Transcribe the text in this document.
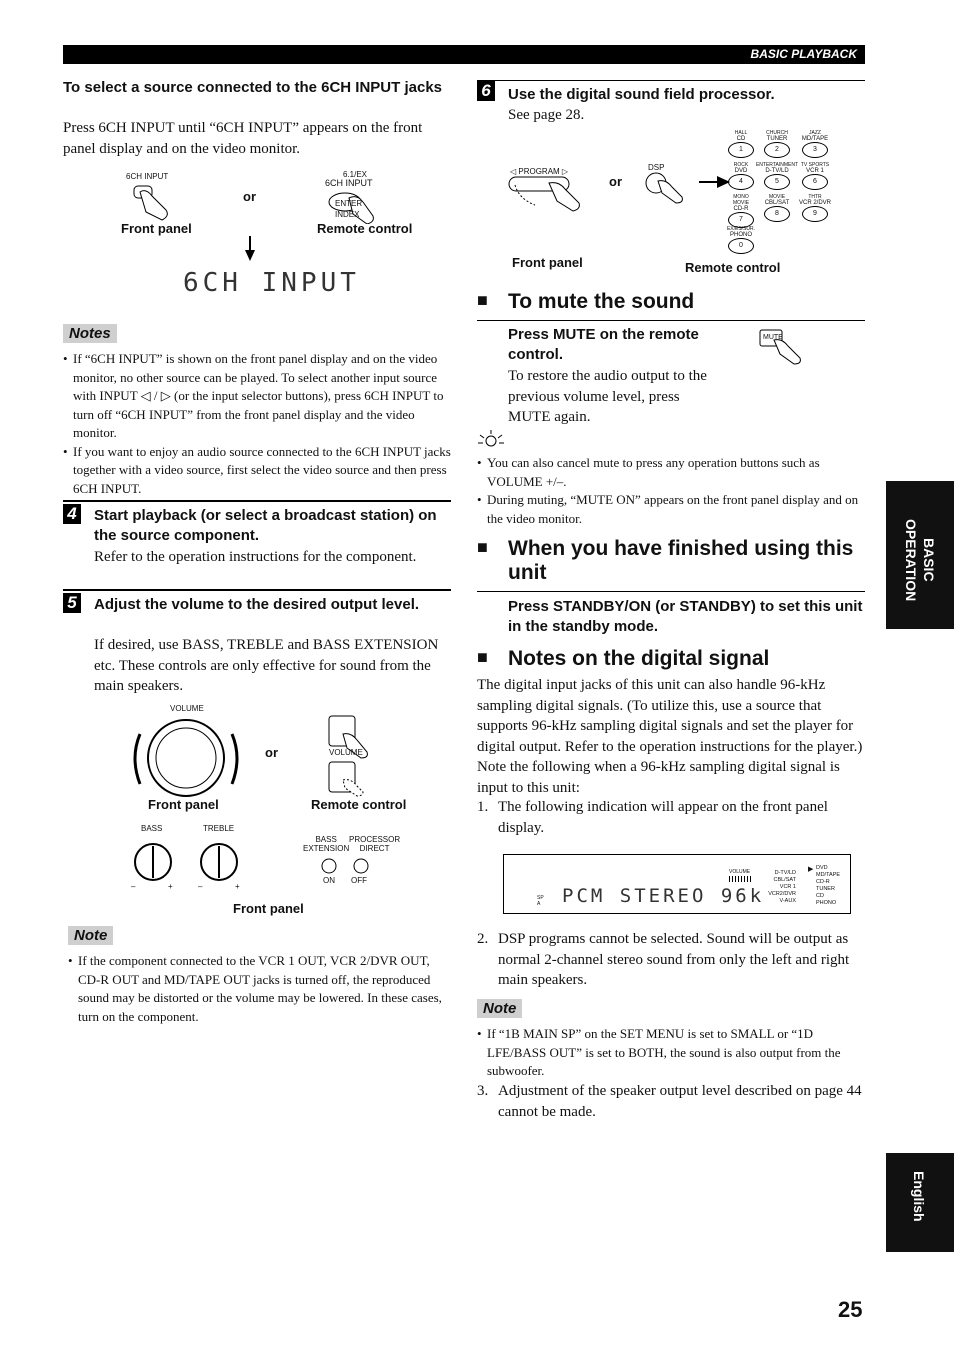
BASIC PLAYBACK
To select a source connected to the 6CH INPUT jacks
Press 6CH INPUT until “6CH INPUT” appears on the front panel display and on the video monitor.
6CH INPUT
or
6.1/EX
6CH INPUT
ENTER
INDEX
Front panel	Remote control
6CH INPUT
Notes
• If “6CH INPUT” is shown on the front panel display and on the video monitor, no other source can be played. To select another input source with INPUT ◁ / ▷ (or the input selector buttons), press 6CH INPUT to turn off “6CH INPUT” from the front panel display and the video monitor.
• If you want to enjoy an audio source connected to the 6CH INPUT jacks together with a video source, first select the video source and then press 6CH INPUT.
4 Start playback (or select a broadcast station) on the source component.
Refer to the operation instructions for the component.
5 Adjust the volume to the desired output level.
If desired, use BASS, TREBLE and BASS EXTENSION etc. These controls are only effective for sound from the main speakers.
VOLUME
or	VOLUME
Front panel	Remote control
BASS	TREBLE
–	+	–	+
BASS
EXTENSION
PROCESSOR
DIRECT
ON OFF
Front panel
Note
• If the component connected to the VCR 1 OUT, VCR 2/DVR OUT, CD-R OUT and MD/TAPE OUT jacks is turned off, the reproduced sound may be distorted or the volume may be lowered. In these cases, turn on the component.
6 Use the digital sound field processor.
See page 28.
◁ PROGRAM ▷
or
DSP
HALL
CD
1
CHURCH
TUNER
2
JAZZ
MD/TAPE
3
ROCK
DVD
4
ENTERTAINMENT
D-TV/LD
5
TV SPORTS
VCR 1
6
MONO MOVIE
CD-R
7
MOVIE
CBL/SAT
8
THTR
VCR 2/DVR
9
EX/ES/SUR.
PHONO
0
Front panel	Remote control
■ To mute the sound
Press MUTE on the remote control.
To restore the audio output to the previous volume level, press MUTE again.
MUTE
• You can also cancel mute to press any operation buttons such as VOLUME +/–.
• During muting, “MUTE ON” appears on the front panel display and on the video monitor.
■ When you have finished using this unit
Press STANDBY/ON (or STANDBY) to set this unit in the standby mode.
■ Notes on the digital signal
The digital input jacks of this unit can also handle 96-kHz sampling digital signals. (To utilize this, use a source that supports 96-kHz sampling digital signals and set the player for digital output. Refer to the operation instructions for the player.) Note the following when a 96-kHz sampling digital signal is input to this unit:
1. The following indication will appear on the front panel display.
SP
A PCM STEREO 96k
VOLUME	D-TV/LD
CBL/SAT
VCR 1
VCR2/DVR
V-AUX
▶ DVD
MD/TAPE
CD-R
TUNER
CD
PHONO
2. DSP programs cannot be selected. Sound will be output as normal 2-channel stereo sound from only the left and right main speakers.
Note
• If “1B MAIN SP” on the SET MENU is set to SMALL or “1D LFE/BASS OUT” is set to BOTH, the sound is also output from the subwoofer.
3. Adjustment of the speaker output level described on page 44 cannot be made.
BASIC OPERATION
English
25
